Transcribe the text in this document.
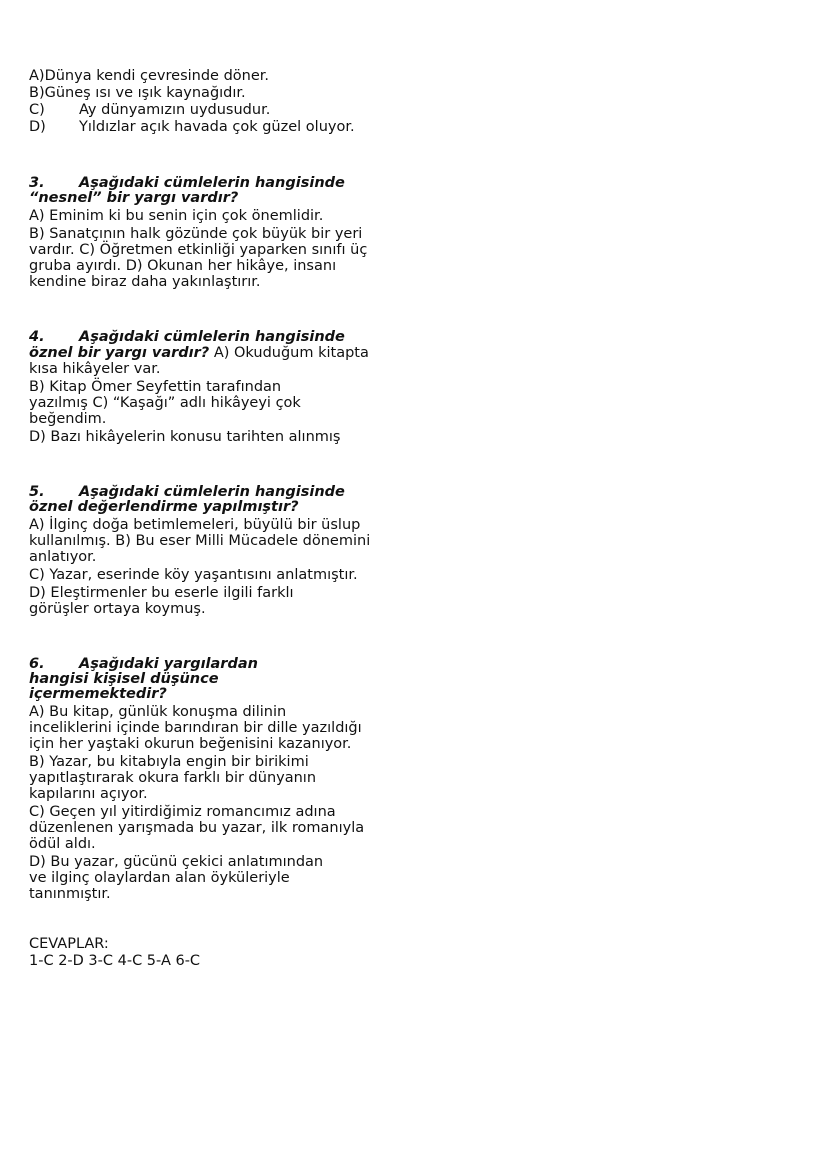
A)Dünya kendi çevresinde döner.
B)Güneş ısı ve ışık kaynağıdır.
C)	Ay dünyamızın uydusudur.
D)	Yıldızlar açık havada çok güzel oluyor.
3. Aşağıdaki cümlelerin hangisinde
“nesnel” bir yargı vardır?
A) Eminim ki bu senin için çok önemlidir.
B) Sanatçının halk gözünde çok büyük bir yeri vardır. C) Öğretmen etkinliği yaparken sınıfı üç gruba ayırdı. D) Okunan her hikâye, insanı kendine biraz daha yakınlaştırır.
4. Aşağıdaki cümlelerin hangisinde
öznel bir yargı vardır? A) Okuduğum kitapta kısa hikâyeler var.
B) Kitap Ömer Seyfettin tarafından yazılmış C) “Kaşağı” adlı hikâyeyi çok beğendim.
D) Bazı hikâyelerin konusu tarihten alınmış
5. Aşağıdaki cümlelerin hangisinde
öznel değerlendirme yapılmıştır?
A) İlginç doğa betimlemeleri, büyülü bir üslup kullanılmış. B) Bu eser Milli Mücadele dönemini anlatıyor.
C) Yazar, eserinde köy yaşantısını anlatmıştır.
D) Eleştirmenler bu eserle ilgili farklı görüşler ortaya koymuş.
6. Aşağıdaki yargılardan
hangisi kişisel düşünce
içermemektedir?
A) Bu kitap, günlük konuşma dilinin inceliklerini içinde barındıran bir dille yazıldığı için her yaştaki okurun beğenisini kazanıyor.
B) Yazar, bu kitabıyla engin bir birikimi yapıtlaştırarak okura farklı bir dünyanın kapılarını açıyor.
C) Geçen yıl yitirdiğimiz romancımız adına düzenlenen yarışmada bu yazar, ilk romanıyla ödül aldı.
D) Bu yazar, gücünü çekici anlatımından ve ilginç olaylardan alan öyküleriyle tanınmıştır.
CEVAPLAR:
1-C 2-D 3-C 4-C 5-A 6-C
